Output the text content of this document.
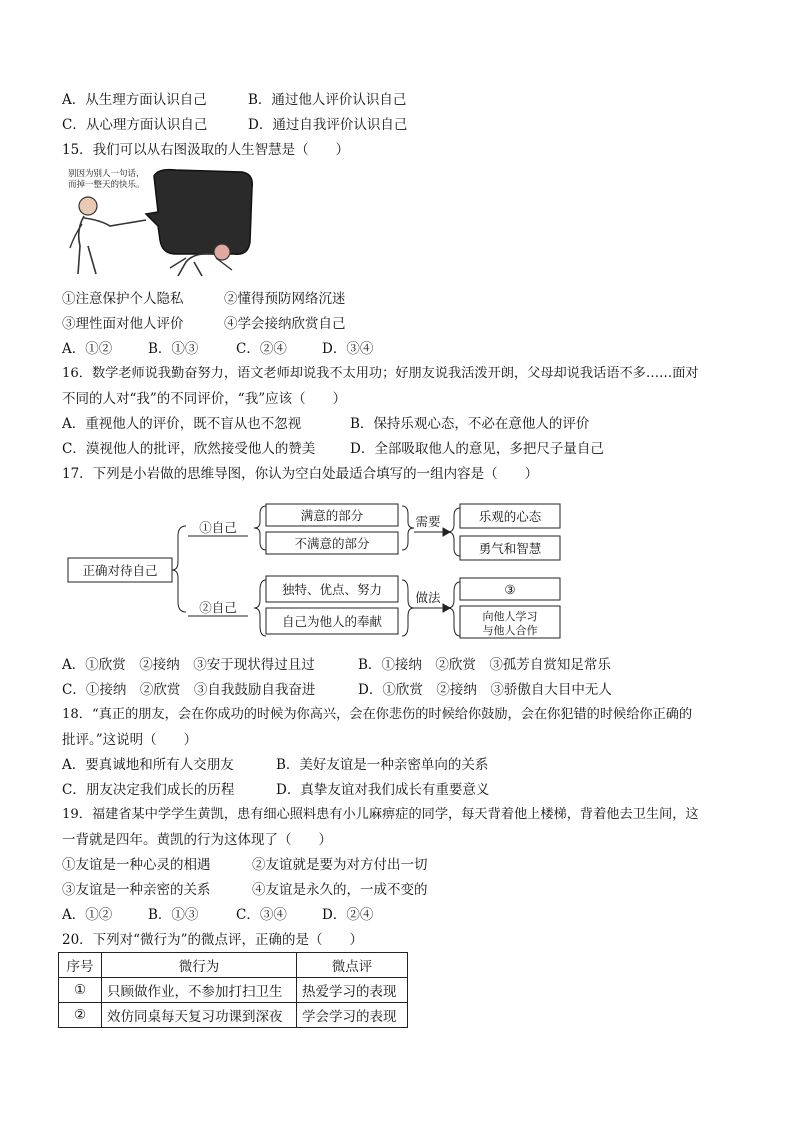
A．从生理方面认识自己	B．通过他人评价认识自己
C．从心理方面认识自己	D．通过自我评价认识自己
15．我们可以从右图汲取的人生智慧是（　　）
别因为别人一句话，
而掉一整天的快乐。
①注意保护个人隐私	②懂得预防网络沉迷
③理性面对他人评价	④学会接纳欣赏自己
A．①②	B．①③	C．②④	D．③④
16．数学老师说我勤奋努力，语文老师却说我不太用功；好朋友说我活泼开朗，父母却说我话语不多……面对
不同的人对“我”的不同评价，“我”应该（　　）
A．重视他人的评价，既不盲从也不忽视	B．保持乐观心态，不必在意他人的评价
C．漠视他人的批评，欣然接受他人的赞美	D．全部吸取他人的意见，多把尺子量自己
17．下列是小岩做的思维导图，你认为空白处最适合填写的一组内容是（　　）
正确对待自己
①自己
②自己
满意的部分
不满意的部分
需要	乐观的心态
勇气和智慧
独特、优点、努力
自己为他人的奉献
做法
③
向他人学习
与他人合作
A．①欣赏　②接纳　③安于现状得过且过	B．①接纳　②欣赏　③孤芳自赏知足常乐
C．①接纳　②欣赏　③自我鼓励自我奋进	D．①欣赏　②接纳　③骄傲自大目中无人
18．“真正的朋友，会在你成功的时候为你高兴，会在你悲伤的时候给你鼓励，会在你犯错的时候给你正确的
批评。”这说明（　　）
A．要真诚地和所有人交朋友	B．美好友谊是一种亲密单向的关系
C．朋友决定我们成长的历程	D．真挚友谊对我们成长有重要意义
19．福建省某中学学生黄凯，患有细心照料患有小儿麻痹症的同学，每天背着他上楼梯，背着他去卫生间，这
一背就是四年。黄凯的行为这体现了（　　）
①友谊是一种心灵的相遇	②友谊就是要为对方付出一切
③友谊是一种亲密的关系	④友谊是永久的，一成不变的
A．①②	B．①③	C．③④	D．②④
20．下列对“微行为”的微点评，正确的是（　　）
序号	微行为	微点评
①	只顾做作业，不参加打扫卫生	热爱学习的表现
②	效仿同桌每天复习功课到深夜	学会学习的表现
